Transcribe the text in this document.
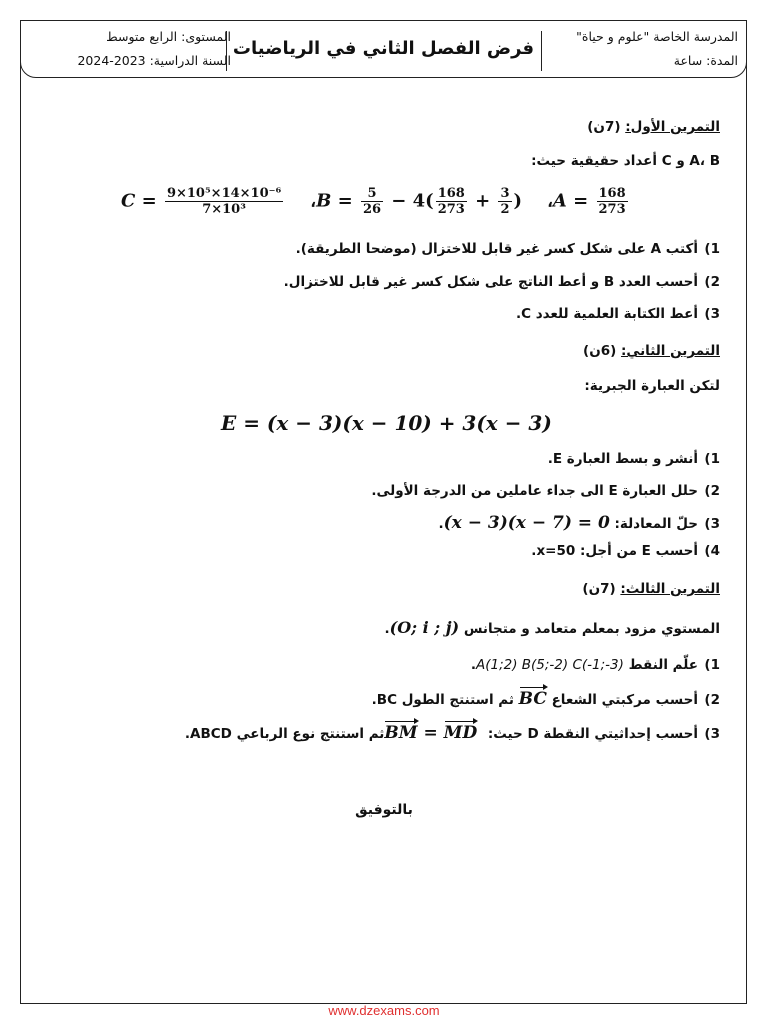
المدرسة الخاصة "علوم و حياة"
المدة: ساعة
فرض الفصل الثاني في الرياضيات
المستوى: الرابع متوسط
السنة الدراسية: 2023-2024
التمرين الأول: (7ن)
A، B و C أعداد حقيقية حيث:
$C = \frac{\text{9×10⁵×14×10⁻⁶}}{\text{7×10³}}$ ،B = $\frac{5}{26} - 4( \frac{168}{273} + \frac{3}{2}$ )    ،A = $\frac{168}{273}$
1)أكتب A على شكل كسر غير قابل للاختزال (موضحا الطريقة).
2)أحسب العدد B و أعط الناتج على شكل كسر غير قابل للاختزال.
3)أعط الكتابة العلمية للعدد C.
التمرين الثاني: (6ن)
لتكن العبارة الجبرية:
E = (x − 3)(x − 10) + 3(x − 3)
1)أنشر و بسط العبارة E.
2)حلل العبارة E الى جداء عاملين من الدرجة الأولى.
3)حلّ المعادلة: (x − 3)(x − 7) = 0.
4)أحسب E من أجل: x=50.
التمرين الثالث: (7ن)
المستوي مزود بمعلم متعامد و متجانس (O; i ; j).
1)علّم النقط A(1;2) B(5;-2) C(-1;-3).
2)أحسب مركبتي الشعاع BC ثم استنتج الطول BC.
3)أحسب إحداثيتي النقطة D حيث: BM = MD ثم استنتج نوع الرباعي ABCD.
بالتوفيق
www.dzexams.com
